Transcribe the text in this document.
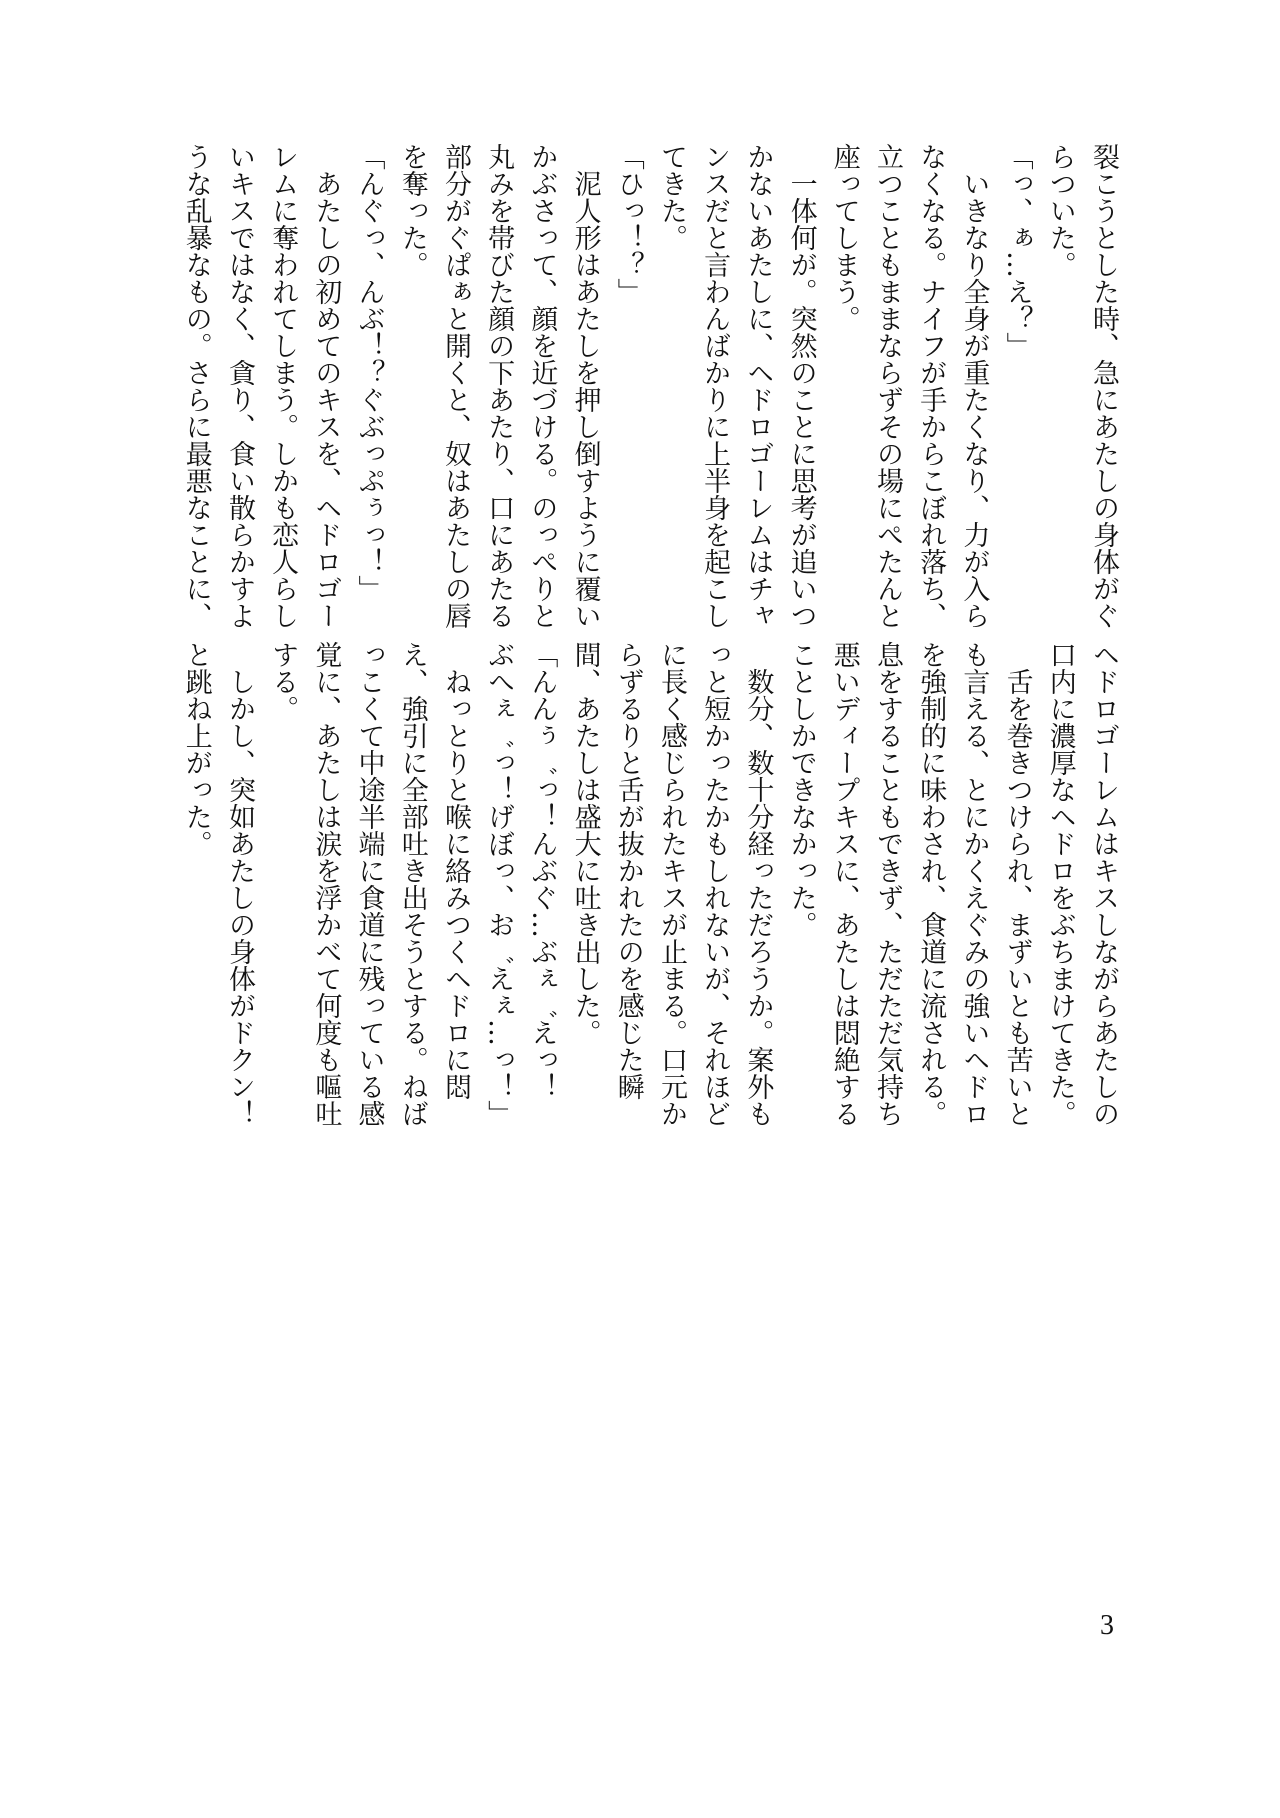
裂こうとした時、急にあたしの身体がぐ
らついた。
「っ、ぁ…え？」
　いきなり全身が重たくなり、力が入ら
なくなる。ナイフが手からこぼれ落ち、
立つこともままならずその場にぺたんと
座ってしまう。
　一体何が。突然のことに思考が追いつ
かないあたしに、ヘドロゴーレムはチャ
ンスだと言わんばかりに上半身を起こし
てきた。
「ひっ！？」
　泥人形はあたしを押し倒すように覆い
かぶさって、顔を近づける。のっぺりと
丸みを帯びた顔の下あたり、口にあたる
部分がぐぱぁと開くと、奴はあたしの唇
を奪った。
「んぐっ、んぶ！？ぐぶっぷぅっ！」
　あたしの初めてのキスを、ヘドロゴー
レムに奪われてしまう。しかも恋人らし
いキスではなく、貪り、食い散らかすよ
うな乱暴なもの。さらに最悪なことに、
ヘドロゴーレムはキスしながらあたしの
口内に濃厚なヘドロをぶちまけてきた。
　舌を巻きつけられ、まずいとも苦いと
も言える、とにかくえぐみの強いヘドロ
を強制的に味わされ、食道に流される。
息をすることもできず、ただただ気持ち
悪いディープキスに、あたしは悶絶する
ことしかできなかった。
　数分、数十分経っただろうか。案外も
っと短かったかもしれないが、それほど
に長く感じられたキスが止まる。口元か
らずるりと舌が抜かれたのを感じた瞬
間、あたしは盛大に吐き出した。
「んんぅ゛っ！んぶぐ…ぶぇ゛えっ！
ぶへぇ゛っ！げぼっ、お゛えぇ…っ！」
　ねっとりと喉に絡みつくヘドロに悶
え、強引に全部吐き出そうとする。ねば
っこくて中途半端に食道に残っている感
覚に、あたしは涙を浮かべて何度も嘔吐
する。
　しかし、突如あたしの身体がドクン！
と跳ね上がった。
3
